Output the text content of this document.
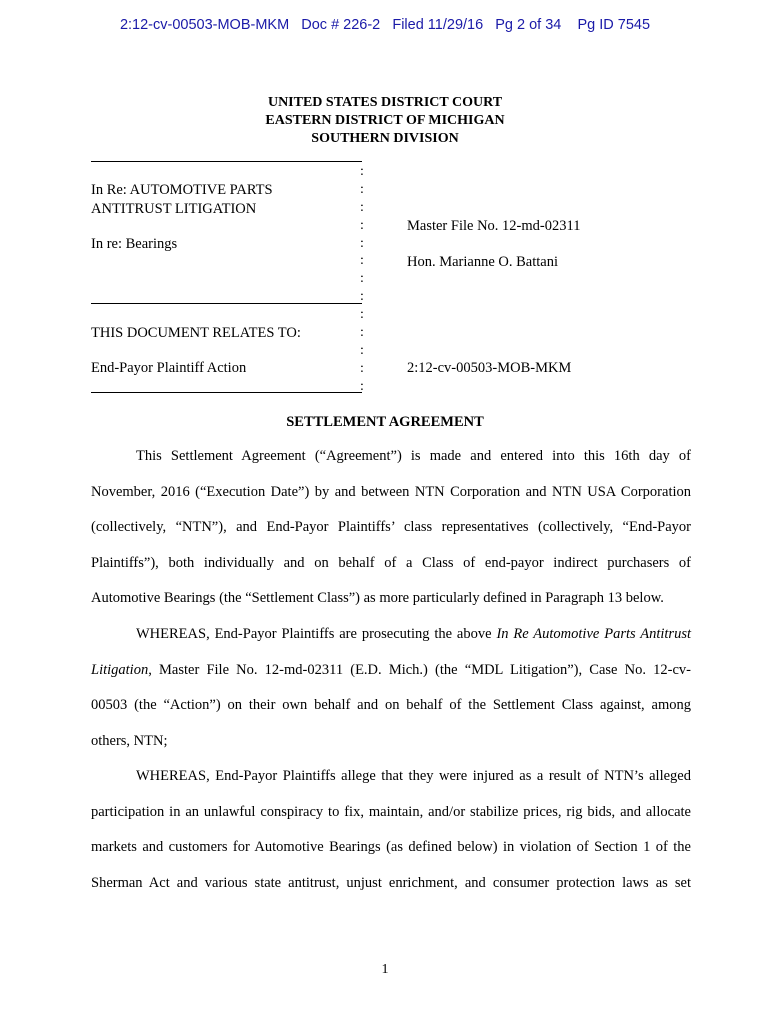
2:12-cv-00503-MOB-MKM Doc # 226-2 Filed 11/29/16 Pg 2 of 34 Pg ID 7545
UNITED STATES DISTRICT COURT
EASTERN DISTRICT OF MICHIGAN
SOUTHERN DIVISION
:
:
:
:
:
:
:
:
:
:
:
:
:
In Re: AUTOMOTIVE PARTS
ANTITRUST LITIGATION
In re: Bearings
THIS DOCUMENT RELATES TO:
End-Payor Plaintiff Action
Master File No. 12-md-02311
Hon. Marianne O. Battani
2:12-cv-00503-MOB-MKM
SETTLEMENT AGREEMENT
This Settlement Agreement (“Agreement”) is made and entered into this 16th day of
November, 2016 (“Execution Date”) by and between NTN Corporation and NTN USA Corporation
(collectively, “NTN”), and End-Payor Plaintiffs’ class representatives (collectively, “End-Payor
Plaintiffs”), both individually and on behalf of a Class of end-payor indirect purchasers of
Automotive Bearings (the “Settlement Class”) as more particularly defined in Paragraph 13 below.
WHEREAS, End-Payor Plaintiffs are prosecuting the above In Re Automotive Parts Antitrust
Litigation, Master File No. 12-md-02311 (E.D. Mich.) (the “MDL Litigation”), Case No. 12-cv-
00503 (the “Action”) on their own behalf and on behalf of the Settlement Class against, among
others, NTN;
WHEREAS, End-Payor Plaintiffs allege that they were injured as a result of NTN’s alleged
participation in an unlawful conspiracy to fix, maintain, and/or stabilize prices, rig bids, and allocate
markets and customers for Automotive Bearings (as defined below) in violation of Section 1 of the
Sherman Act and various state antitrust, unjust enrichment, and consumer protection laws as set
1
